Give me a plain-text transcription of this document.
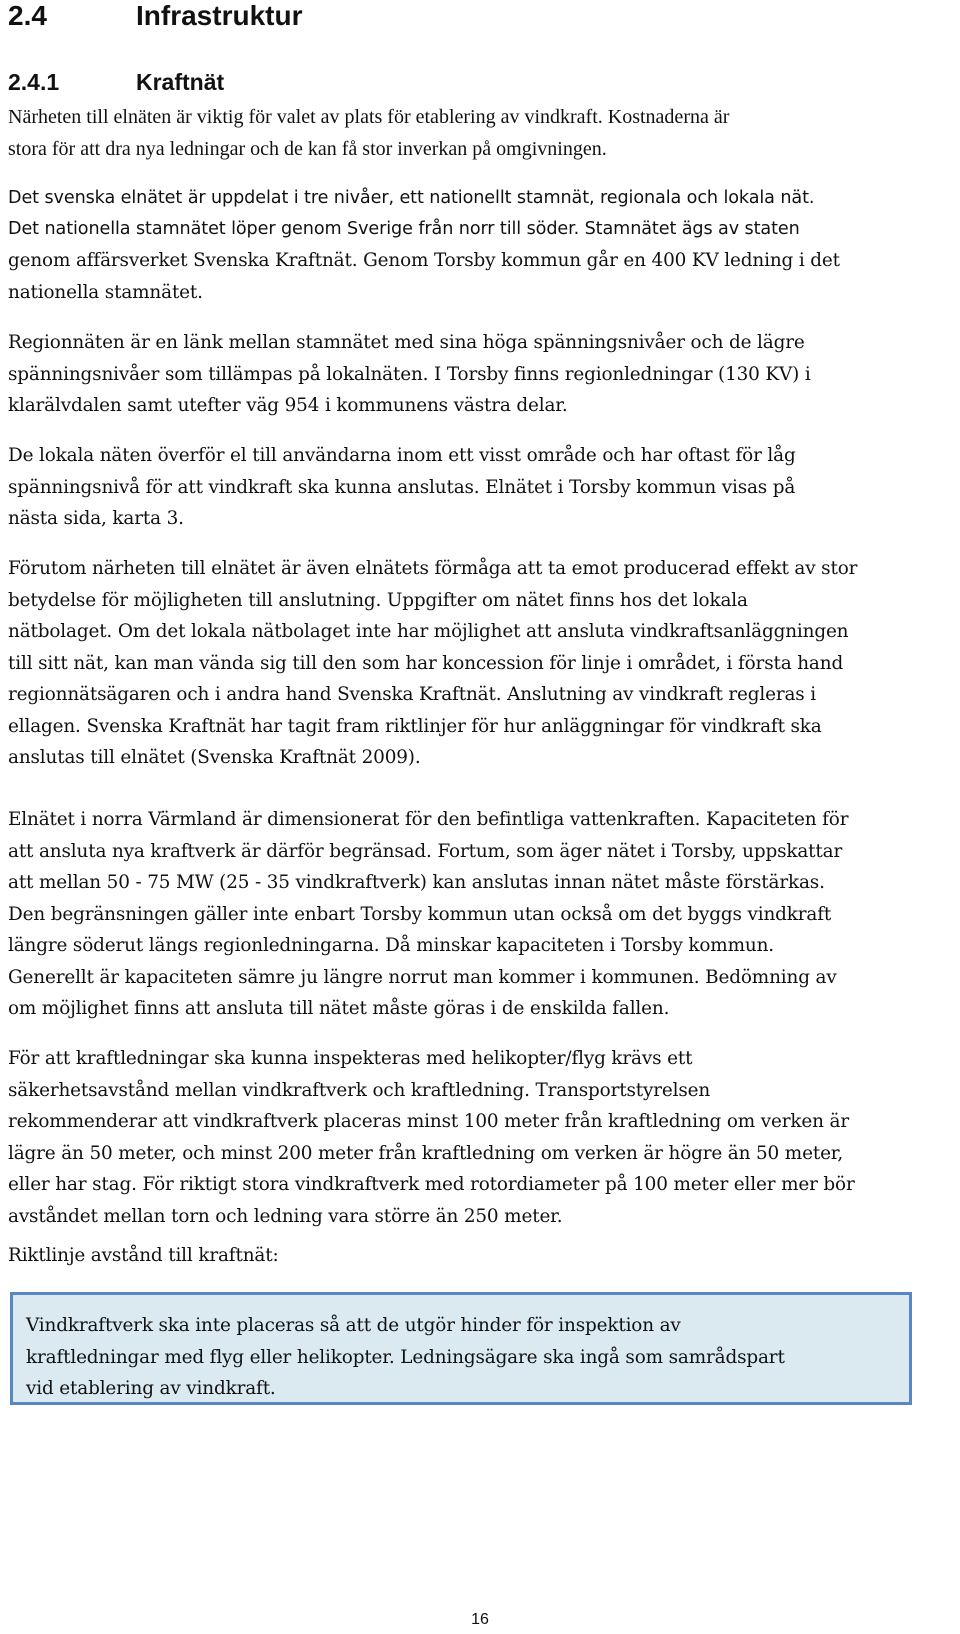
2.4	Infrastruktur
2.4.1	Kraftnät

Närheten till elnäten är viktig för valet av plats för etablering av vindkraft. Kostnaderna är
stora för att dra nya ledningar och de kan få stor inverkan på omgivningen.

Det svenska elnätet är uppdelat i tre nivåer, ett nationellt stamnät, regionala och lokala nät.

Det nationella stamnätet löper genom Sverige från norr till söder. Stamnätet ägs av staten

genom affärsverket Svenska Kraftnät. Genom Torsby kommun går en 400 KV ledning i det
nationella stamnätet.

Regionnäten är en länk mellan stamnätet med sina höga spänningsnivåer och de lägre
spänningsnivåer som tillämpas på lokalnäten. I Torsby finns regionledningar (130 KV) i
klarälvdalen samt utefter väg 954 i kommunens västra delar.

De lokala näten överför el till användarna inom ett visst område och har oftast för låg
spänningsnivå för att vindkraft ska kunna anslutas. Elnätet i Torsby kommun visas på
nästa sida, karta 3.

Förutom närheten till elnätet är även elnätets förmåga att ta emot producerad effekt av stor
betydelse för möjligheten till anslutning. Uppgifter om nätet finns hos det lokala
nätbolaget. Om det lokala nätbolaget inte har möjlighet att ansluta vindkraftsanläggningen
till sitt nät, kan man vända sig till den som har koncession för linje i området, i första hand
regionnätsägaren och i andra hand Svenska Kraftnät. Anslutning av vindkraft regleras i
ellagen. Svenska Kraftnät har tagit fram riktlinjer för hur anläggningar för vindkraft ska
anslutas till elnätet (Svenska Kraftnät 2009).

Elnätet i norra Värmland är dimensionerat för den befintliga vattenkraften. Kapaciteten för
att ansluta nya kraftverk är därför begränsad. Fortum, som äger nätet i Torsby, uppskattar
att mellan 50 - 75 MW (25 - 35 vindkraftverk) kan anslutas innan nätet måste förstärkas.
Den begränsningen gäller inte enbart Torsby kommun utan också om det byggs vindkraft
längre söderut längs regionledningarna. Då minskar kapaciteten i Torsby kommun.
Generellt är kapaciteten sämre ju längre norrut man kommer i kommunen. Bedömning av
om möjlighet finns att ansluta till nätet måste göras i de enskilda fallen.

För att kraftledningar ska kunna inspekteras med helikopter/flyg krävs ett
säkerhetsavstånd mellan vindkraftverk och kraftledning. Transportstyrelsen
rekommenderar att vindkraftverk placeras minst 100 meter från kraftledning om verken är
lägre än 50 meter, och minst 200 meter från kraftledning om verken är högre än 50 meter,
eller har stag. För riktigt stora vindkraftverk med rotordiameter på 100 meter eller mer bör
avståndet mellan torn och ledning vara större än 250 meter.

Riktlinje avstånd till kraftnät:

Vindkraftverk ska inte placeras så att de utgör hinder för inspektion av
kraftledningar med flyg eller helikopter. Ledningsägare ska ingå som samrådspart
vid etablering av vindkraft.
16
